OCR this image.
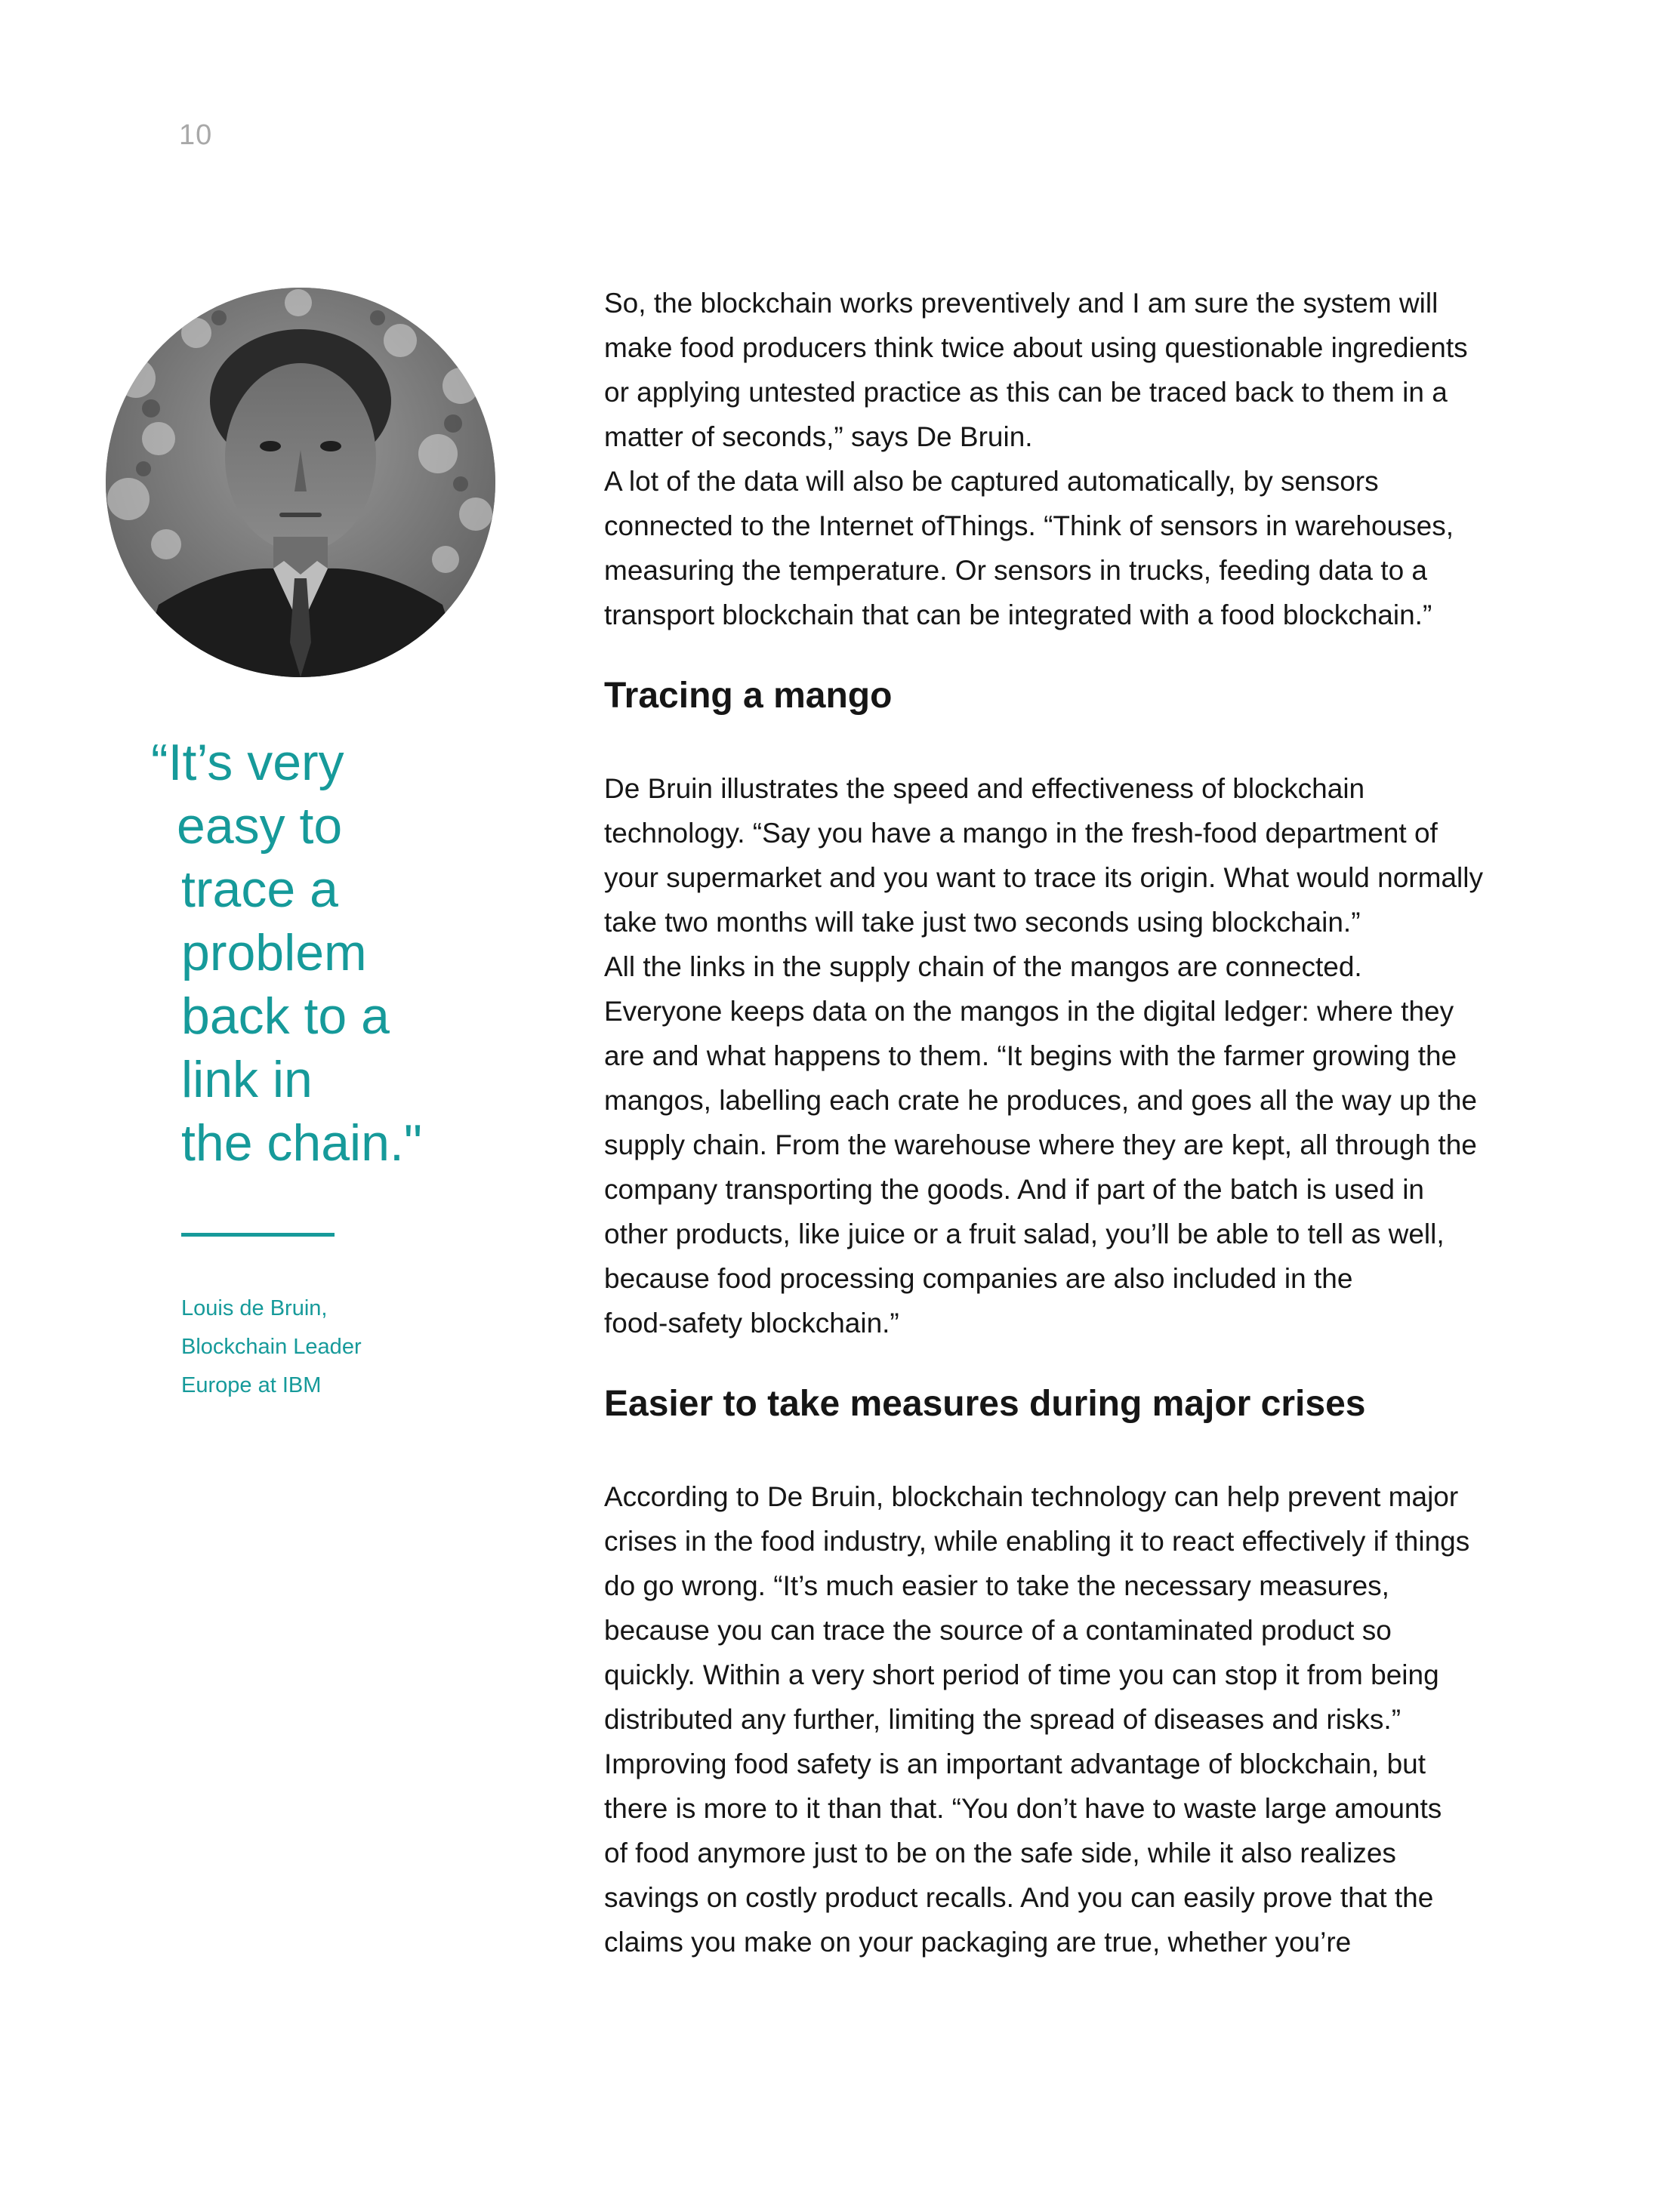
10
“It’s very
easy to
trace a
problem
back to a
link in
the chain."
Louis de Bruin,
Blockchain Leader
Europe at IBM

So, the blockchain works preventively and I am sure the system will
make food producers think twice about using questionable ingredients
or applying untested practice as this can be traced back to them in a
matter of seconds,” says De Bruin.
A lot of the data will also be captured automatically, by sensors
connected to the Internet ofThings. “Think of sensors in warehouses,
measuring the temperature. Or sensors in trucks, feeding data to a
transport blockchain that can be integrated with a food blockchain.”

Tracing a mango

De Bruin illustrates the speed and effectiveness of blockchain
technology. “Say you have a mango in the fresh-food department of
your supermarket and you want to trace its origin. What would normally
take two months will take just two seconds using blockchain.”
All the links in the supply chain of the mangos are connected.
Everyone keeps data on the mangos in the digital ledger: where they
are and what happens to them. “It begins with the farmer growing the
mangos, labelling each crate he produces, and goes all the way up the
supply chain. From the warehouse where they are kept, all through the
company transporting the goods. And if part of the batch is used in
other products, like juice or a fruit salad, you’ll be able to tell as well,
because food processing companies are also included in the
food-safety blockchain.”

Easier to take measures during major crises

According to De Bruin, blockchain technology can help prevent major
crises in the food industry, while enabling it to react effectively if things
do go wrong. “It’s much easier to take the necessary measures,
because you can trace the source of a contaminated product so
quickly. Within a very short period of time you can stop it from being
distributed any further, limiting the spread of diseases and risks.”
Improving food safety is an important advantage of blockchain, but
there is more to it than that. “You don’t have to waste large amounts
of food anymore just to be on the safe side, while it also realizes
savings on costly product recalls. And you can easily prove that the
claims you make on your packaging are true, whether you’re
